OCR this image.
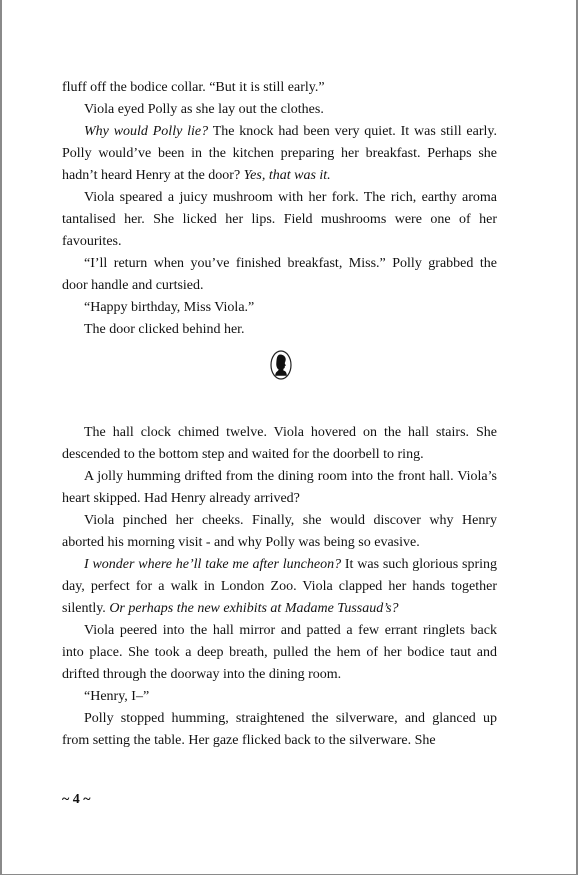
fluff off the bodice collar. “But it is still early.”

Viola eyed Polly as she lay out the clothes.

Why would Polly lie? The knock had been very quiet. It was still early. Polly would’ve been in the kitchen preparing her breakfast. Perhaps she hadn’t heard Henry at the door? Yes, that was it.

Viola speared a juicy mushroom with her fork. The rich, earthy aroma tantalised her. She licked her lips. Field mushrooms were one of her favourites.

“I’ll return when you’ve finished breakfast, Miss.” Polly grabbed the door handle and curtsied.

“Happy birthday, Miss Viola.”

The door clicked behind her.

The hall clock chimed twelve. Viola hovered on the hall stairs. She descended to the bottom step and waited for the doorbell to ring.

A jolly humming drifted from the dining room into the front hall. Viola’s heart skipped. Had Henry already arrived?

Viola pinched her cheeks. Finally, she would discover why Henry aborted his morning visit - and why Polly was being so evasive.

I wonder where he’ll take me after luncheon? It was such glorious spring day, perfect for a walk in London Zoo. Viola clapped her hands together silently. Or perhaps the new exhibits at Madame Tussaud’s?

Viola peered into the hall mirror and patted a few errant ringlets back into place. She took a deep breath, pulled the hem of her bodice taut and drifted through the doorway into the dining room.

“Henry, I–”

Polly stopped humming, straightened the silverware, and glanced up from setting the table. Her gaze flicked back to the silverware. She

~ 4 ~
